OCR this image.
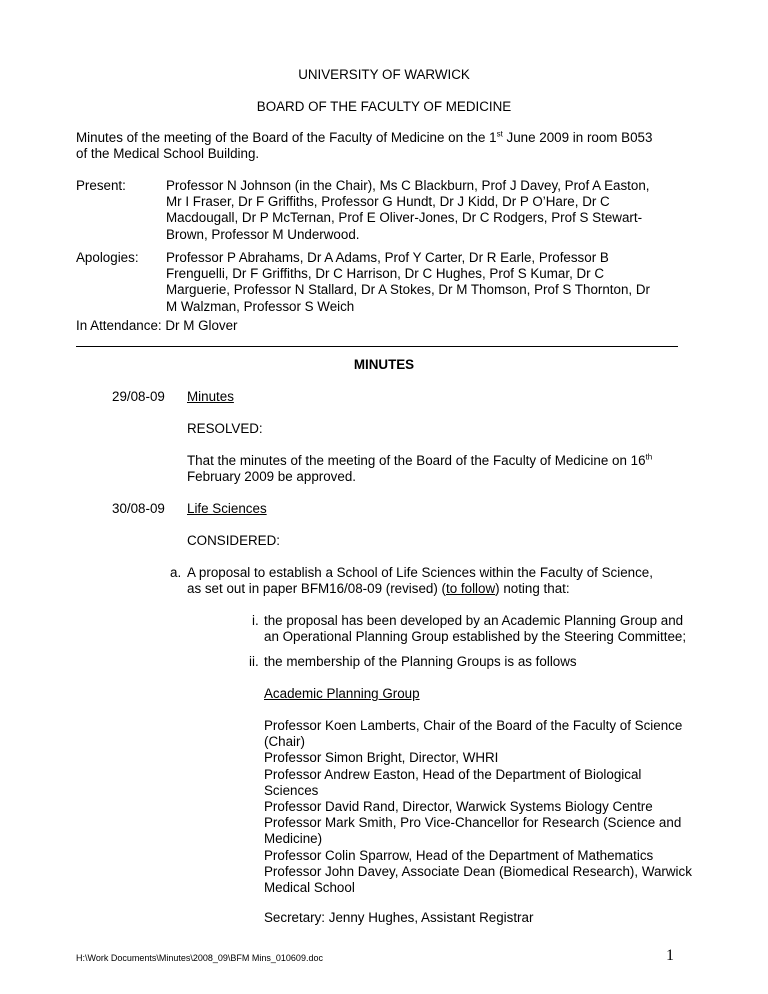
UNIVERSITY OF WARWICK
BOARD OF THE FACULTY OF MEDICINE
Minutes of the meeting of the Board of the Faculty of Medicine on the 1st June 2009 in room B053
of the Medical School Building.
Present:	Professor N Johnson (in the Chair), Ms C Blackburn, Prof J Davey, Prof A Easton,
Mr I Fraser, Dr F Griffiths, Professor G Hundt, Dr J Kidd, Dr P O’Hare, Dr C
Macdougall, Dr P McTernan, Prof E Oliver-Jones, Dr C Rodgers, Prof S Stewart-
Brown, Professor M Underwood.
Apologies: Professor P Abrahams, Dr A Adams, Prof Y Carter, Dr R Earle, Professor B
Frenguelli, Dr F Griffiths, Dr C Harrison, Dr C Hughes, Prof S Kumar, Dr C
Marguerie, Professor N Stallard, Dr A Stokes, Dr M Thomson, Prof S Thornton, Dr
M Walzman, Professor S Weich
In Attendance: Dr M Glover
MINUTES
29/08-09 Minutes
RESOLVED:
That the minutes of the meeting of the Board of the Faculty of Medicine on 16th
February 2009 be approved.
30/08-09 Life Sciences
CONSIDERED:
a. A proposal to establish a School of Life Sciences within the Faculty of Science,
as set out in paper BFM16/08-09 (revised) (to follow) noting that:
i. the proposal has been developed by an Academic Planning Group and
an Operational Planning Group established by the Steering Committee;
ii. the membership of the Planning Groups is as follows
Academic Planning Group
Professor Koen Lamberts, Chair of the Board of the Faculty of Science
(Chair)
Professor Simon Bright, Director, WHRI
Professor Andrew Easton, Head of the Department of Biological
Sciences
Professor David Rand, Director, Warwick Systems Biology Centre
Professor Mark Smith, Pro Vice-Chancellor for Research (Science and
Medicine)
Professor Colin Sparrow, Head of the Department of Mathematics
Professor John Davey, Associate Dean (Biomedical Research), Warwick
Medical School
Secretary: Jenny Hughes, Assistant Registrar
H:\Work Documents\Minutes\2008_09\BFM Mins_010609.doc	1
